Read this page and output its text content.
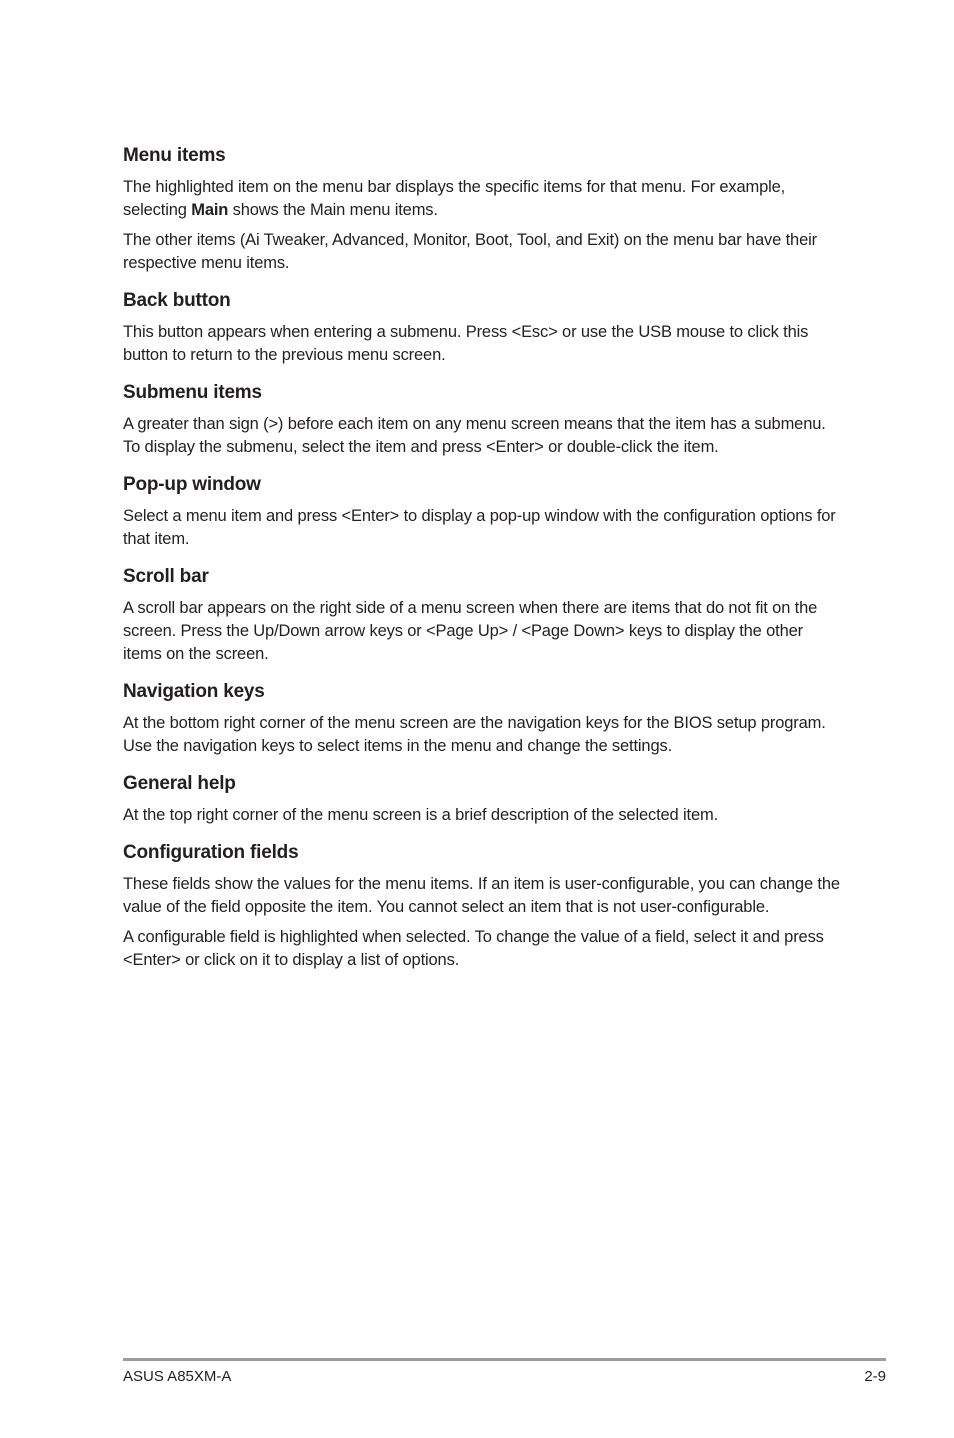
Menu items

The highlighted item on the menu bar displays the specific items for that menu. For example, selecting Main shows the Main menu items.

The other items (Ai Tweaker, Advanced, Monitor, Boot, Tool, and Exit) on the menu bar have their respective menu items.

Back button

This button appears when entering a submenu. Press <Esc> or use the USB mouse to click this button to return to the previous menu screen.

Submenu items

A greater than sign (>) before each item on any menu screen means that the item has a submenu. To display the submenu, select the item and press <Enter> or double-click the item.

Pop-up window

Select a menu item and press <Enter> to display a pop-up window with the configuration options for that item.

Scroll bar

A scroll bar appears on the right side of a menu screen when there are items that do not fit on the screen. Press the Up/Down arrow keys or <Page Up> / <Page Down> keys to display the other items on the screen.

Navigation keys

At the bottom right corner of the menu screen are the navigation keys for the BIOS setup program. Use the navigation keys to select items in the menu and change the settings.

General help

At the top right corner of the menu screen is a brief description of the selected item.

Configuration fields

These fields show the values for the menu items. If an item is user-configurable, you can change the value of the field opposite the item. You cannot select an item that is not user-configurable.

A configurable field is highlighted when selected. To change the value of a field, select it and press <Enter> or click on it to display a list of options.

ASUS A85XM-A	2-9
